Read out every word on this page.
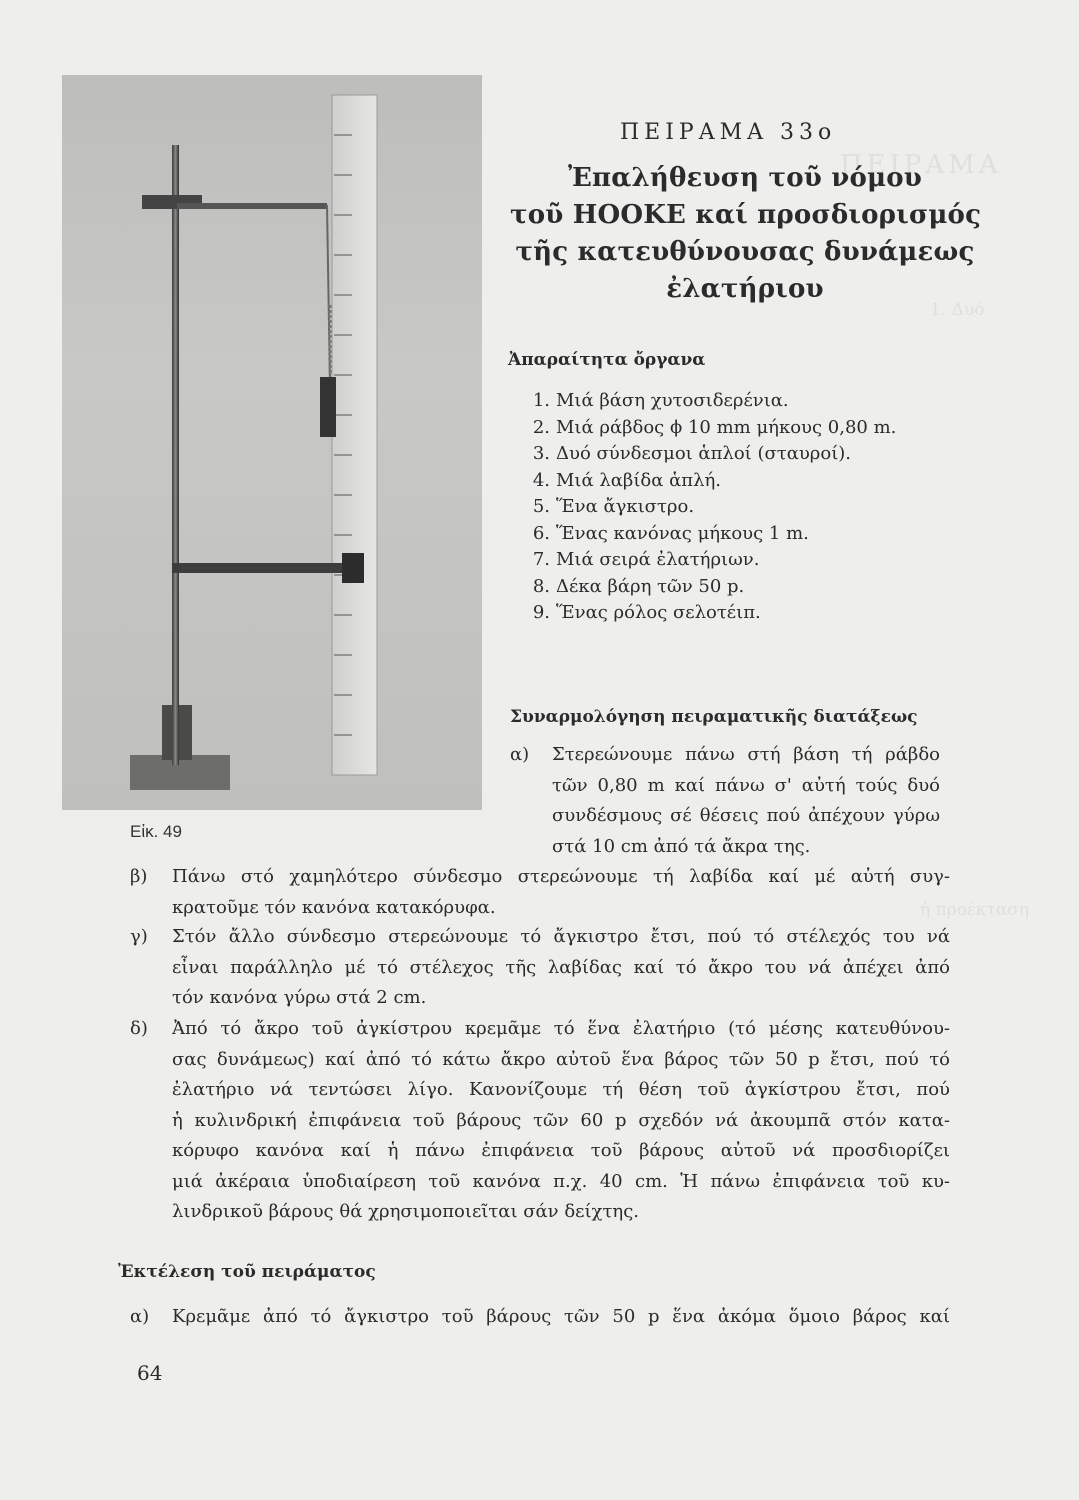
ΠΕΙΡΑΜΑ
1. Δυό
ἡ προέκταση
Εἰκ. 49
ΠΕΙΡΑΜΑ 33ο
Ἐπαλήθευση τοῦ νόμου
τοῦ HOOKE καί προσδιορισμός
τῆς κατευθύνουσας δυνάμεως
ἐλατήριου
Ἀπαραίτητα ὄργανα
1. Μιά βάση χυτοσιδερένια.
2. Μιά ράβδος ϕ 10 mm μήκους 0,80 m.
3. Δυό σύνδεσμοι ἁπλοί (σταυροί).
4. Μιά λαβίδα ἁπλή.
5. Ἕνα ἄγκιστρο.
6. Ἕνας κανόνας μήκους 1 m.
7. Μιά σειρά ἐλατήριων.
8. Δέκα βάρη τῶν 50 p.
9. Ἕνας ρόλος σελοτέιπ.
Συναρμολόγηση πειραματικῆς διατάξεως
α) Στερεώνουμε πάνω στή βάση τή ράβδο
τῶν 0,80 m καί πάνω σ' αὐτή τούς δυό
συνδέσμους σέ θέσεις πού ἀπέχουν γύρω
στά 10 cm ἀπό τά ἄκρα της.
β) Πάνω στό χαμηλότερο σύνδεσμο στερεώνουμε τή λαβίδα καί μέ αὐτή συγ-
κρατοῦμε τόν κανόνα κατακόρυφα.
γ) Στόν ἄλλο σύνδεσμο στερεώνουμε τό ἄγκιστρο ἔτσι, πού τό στέλεχός του νά
εἶναι παράλληλο μέ τό στέλεχος τῆς λαβίδας καί τό ἄκρο του νά ἀπέχει ἀπό
τόν κανόνα γύρω στά 2 cm.
δ) Ἀπό τό ἄκρο τοῦ ἀγκίστρου κρεμᾶμε τό ἕνα ἐλατήριο (τό μέσης κατευθύνου-
σας δυνάμεως) καί ἀπό τό κάτω ἄκρο αὐτοῦ ἕνα βάρος τῶν 50 p ἔτσι, πού τό
ἐλατήριο νά τεντώσει λίγο. Κανονίζουμε τή θέση τοῦ ἀγκίστρου ἔτσι, πού
ἡ κυλινδρική ἐπιφάνεια τοῦ βάρους τῶν 60 p σχεδόν νά ἀκουμπᾶ στόν κατα-
κόρυφο κανόνα καί ἡ πάνω ἐπιφάνεια τοῦ βάρους αὐτοῦ νά προσδιορίζει
μιά ἀκέραια ὑποδιαίρεση τοῦ κανόνα π.χ. 40 cm. Ἡ πάνω ἐπιφάνεια τοῦ κυ-
λινδρικοῦ βάρους θά χρησιμοποιεῖται σάν δείχτης.
Ἐκτέλεση τοῦ πειράματος
α) Κρεμᾶμε ἀπό τό ἄγκιστρο τοῦ βάρους τῶν 50 p ἕνα ἀκόμα ὅμοιο βάρος καί
64
